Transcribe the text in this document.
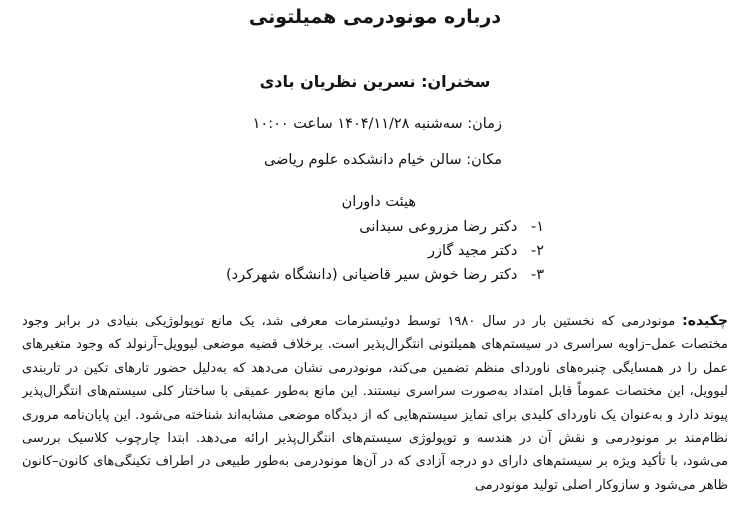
درباره مونودرمی همیلتونی
سخنران: نسرین نظریان بادی
زمان: سه‌شنبه ۱۴۰۴/۱۱/۲۸ ساعت ۱۰:۰۰
مکان: سالن خیام دانشکده علوم ریاضی
هیئت داوران
۱- دکتر رضا مزروعی سبدانی
۲- دکتر مجید گازر
۳- دکتر رضا خوش سیر قاضیانی (دانشگاه شهرکرد)

چکیده: مونودرمی که نخستین بار در سال ۱۹۸۰ توسط دوئیسترمات معرفی شد، یک مانع توپولوژیکی بنیادی در برابر وجود مختصات عمل–زاویه سراسری در سیستم‌های همیلتونی انتگرال‌پذیر است. برخلاف قضیه موضعی لیوویل–آرنولد که وجود متغیرهای عمل را در همسایگی چنبره‌های ناوردای منظم تضمین می‌کند، مونودرمی نشان می‌دهد که به‌دلیل حضور تارهای تکین در تاربندی لیوویل، این مختصات عموماً قابل امتداد به‌صورت سراسری نیستند. این مانع به‌طور عمیقی با ساختار کلی سیستم‌های انتگرال‌پذیر پیوند دارد و به‌عنوان یک ناوردای کلیدی برای تمایز سیستم‌هایی که از دیدگاه موضعی مشابه‌اند شناخته می‌شود. این پایان‌نامه مروری نظام‌مند بر مونودرمی و نقش آن در هندسه و توپولوژی سیستم‌های انتگرال‌پذیر ارائه می‌دهد. ابتدا چارچوب کلاسیک بررسی می‌شود، با تأکید ویژه بر سیستم‌های دارای دو درجه آزادی که در آن‌ها مونودرمی به‌طور طبیعی در اطراف تکینگی‌های کانون–کانون ظاهر می‌شود و سازوکار اصلی تولید مونودرمی
